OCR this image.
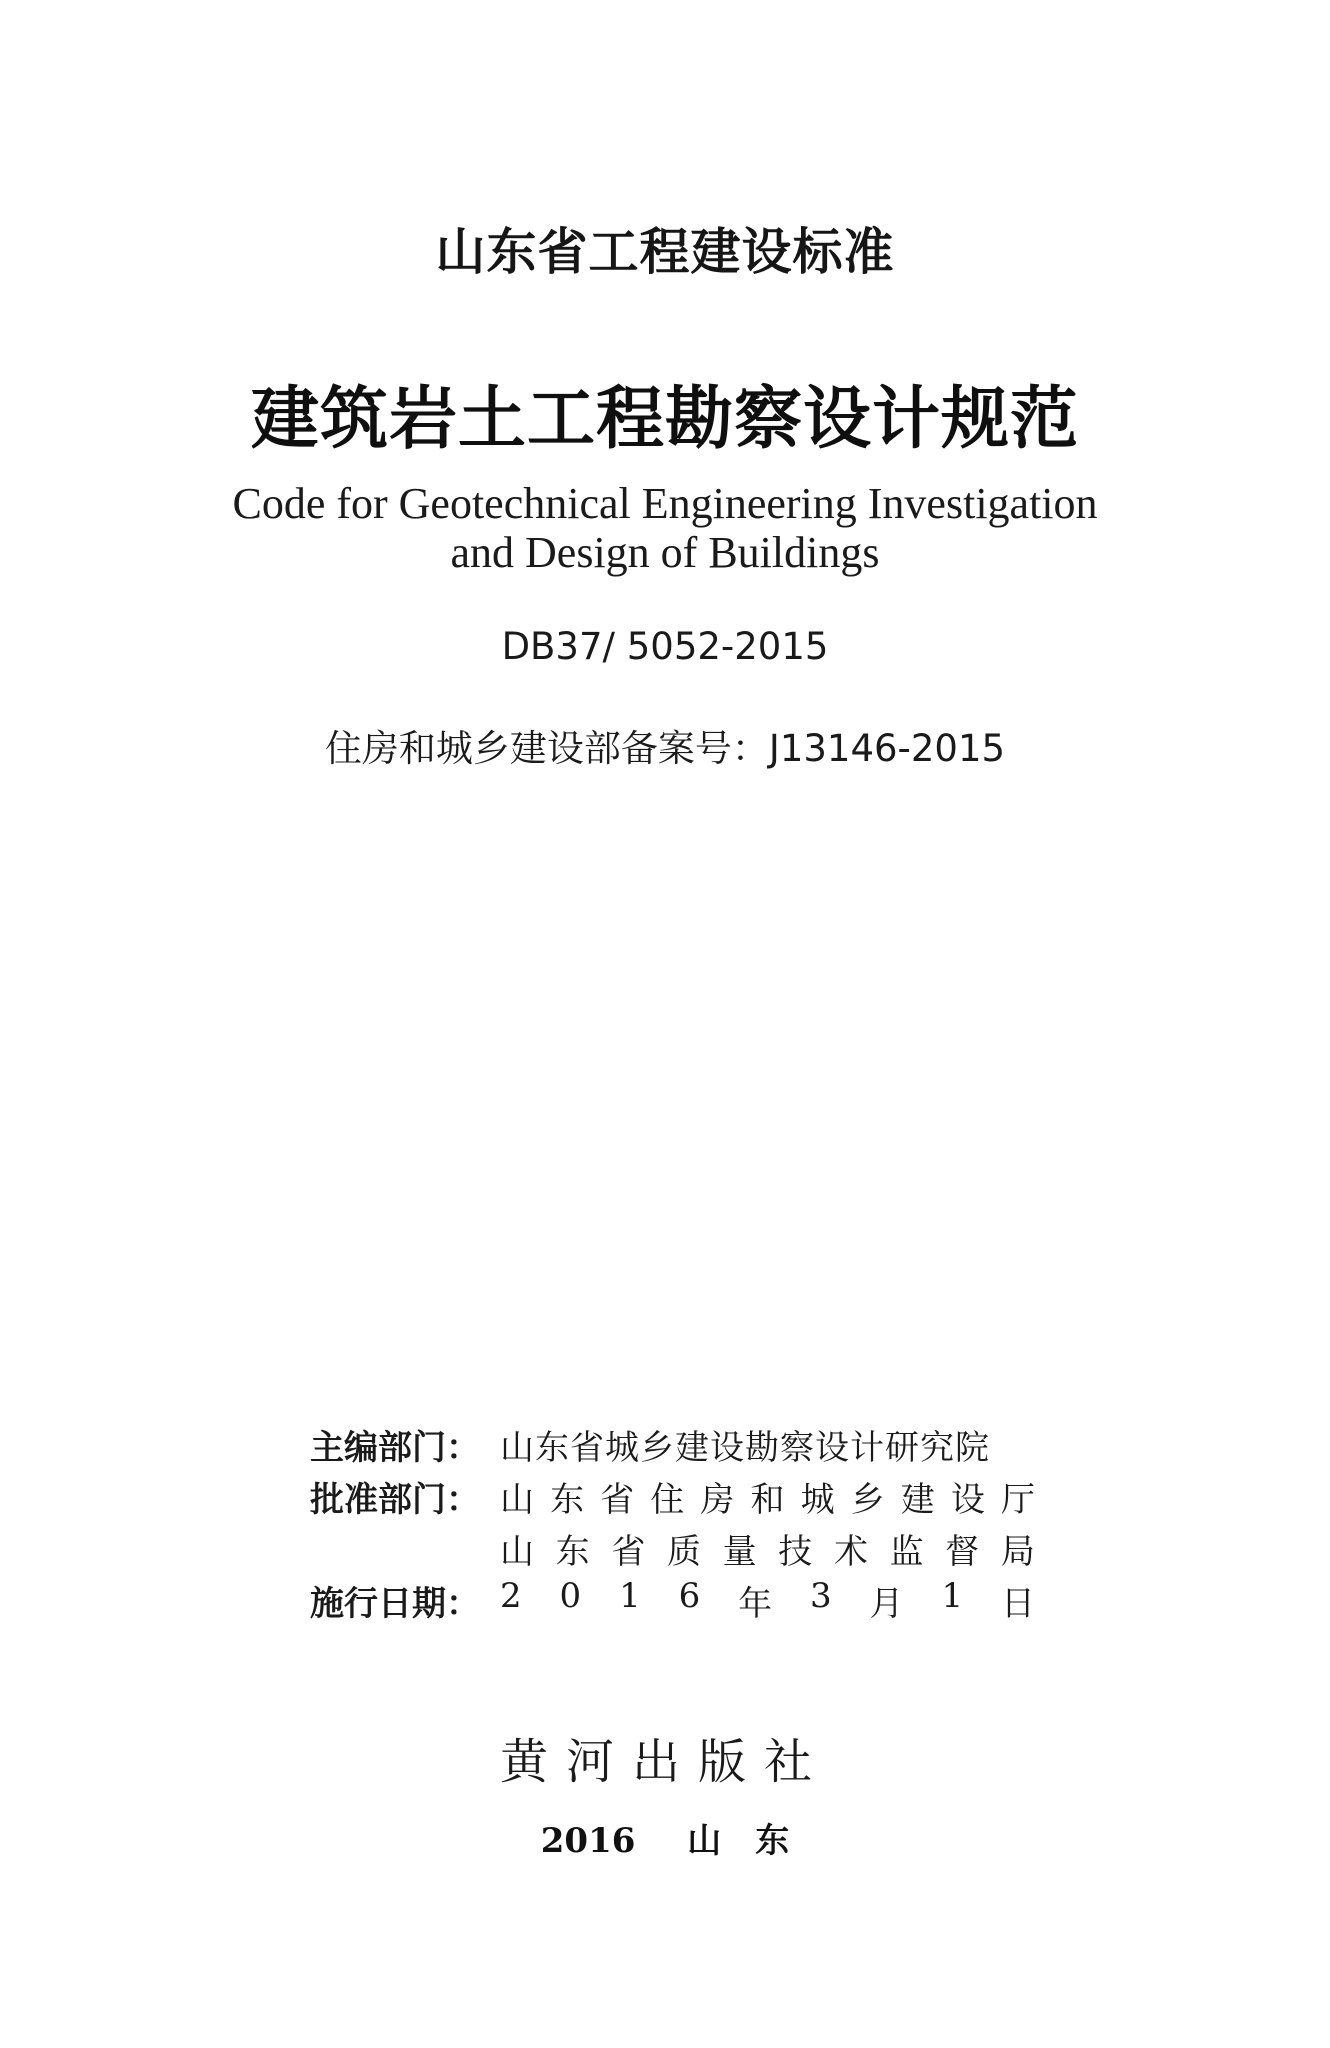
山东省工程建设标准
建筑岩土工程勘察设计规范
Code for Geotechnical Engineering Investigation
and Design of Buildings
DB37/ 5052-2015
住房和城乡建设部备案号：J13146-2015
主编部门： 山东省城乡建设勘察设计研究院
批准部门： 山 东 省 住 房 和 城 乡 建 设 厅
山 东 省 质 量 技 术 监 督 局
施行日期： 2 0 1 6 年 3 月 1 日
黄河出版社
2016 山　东
